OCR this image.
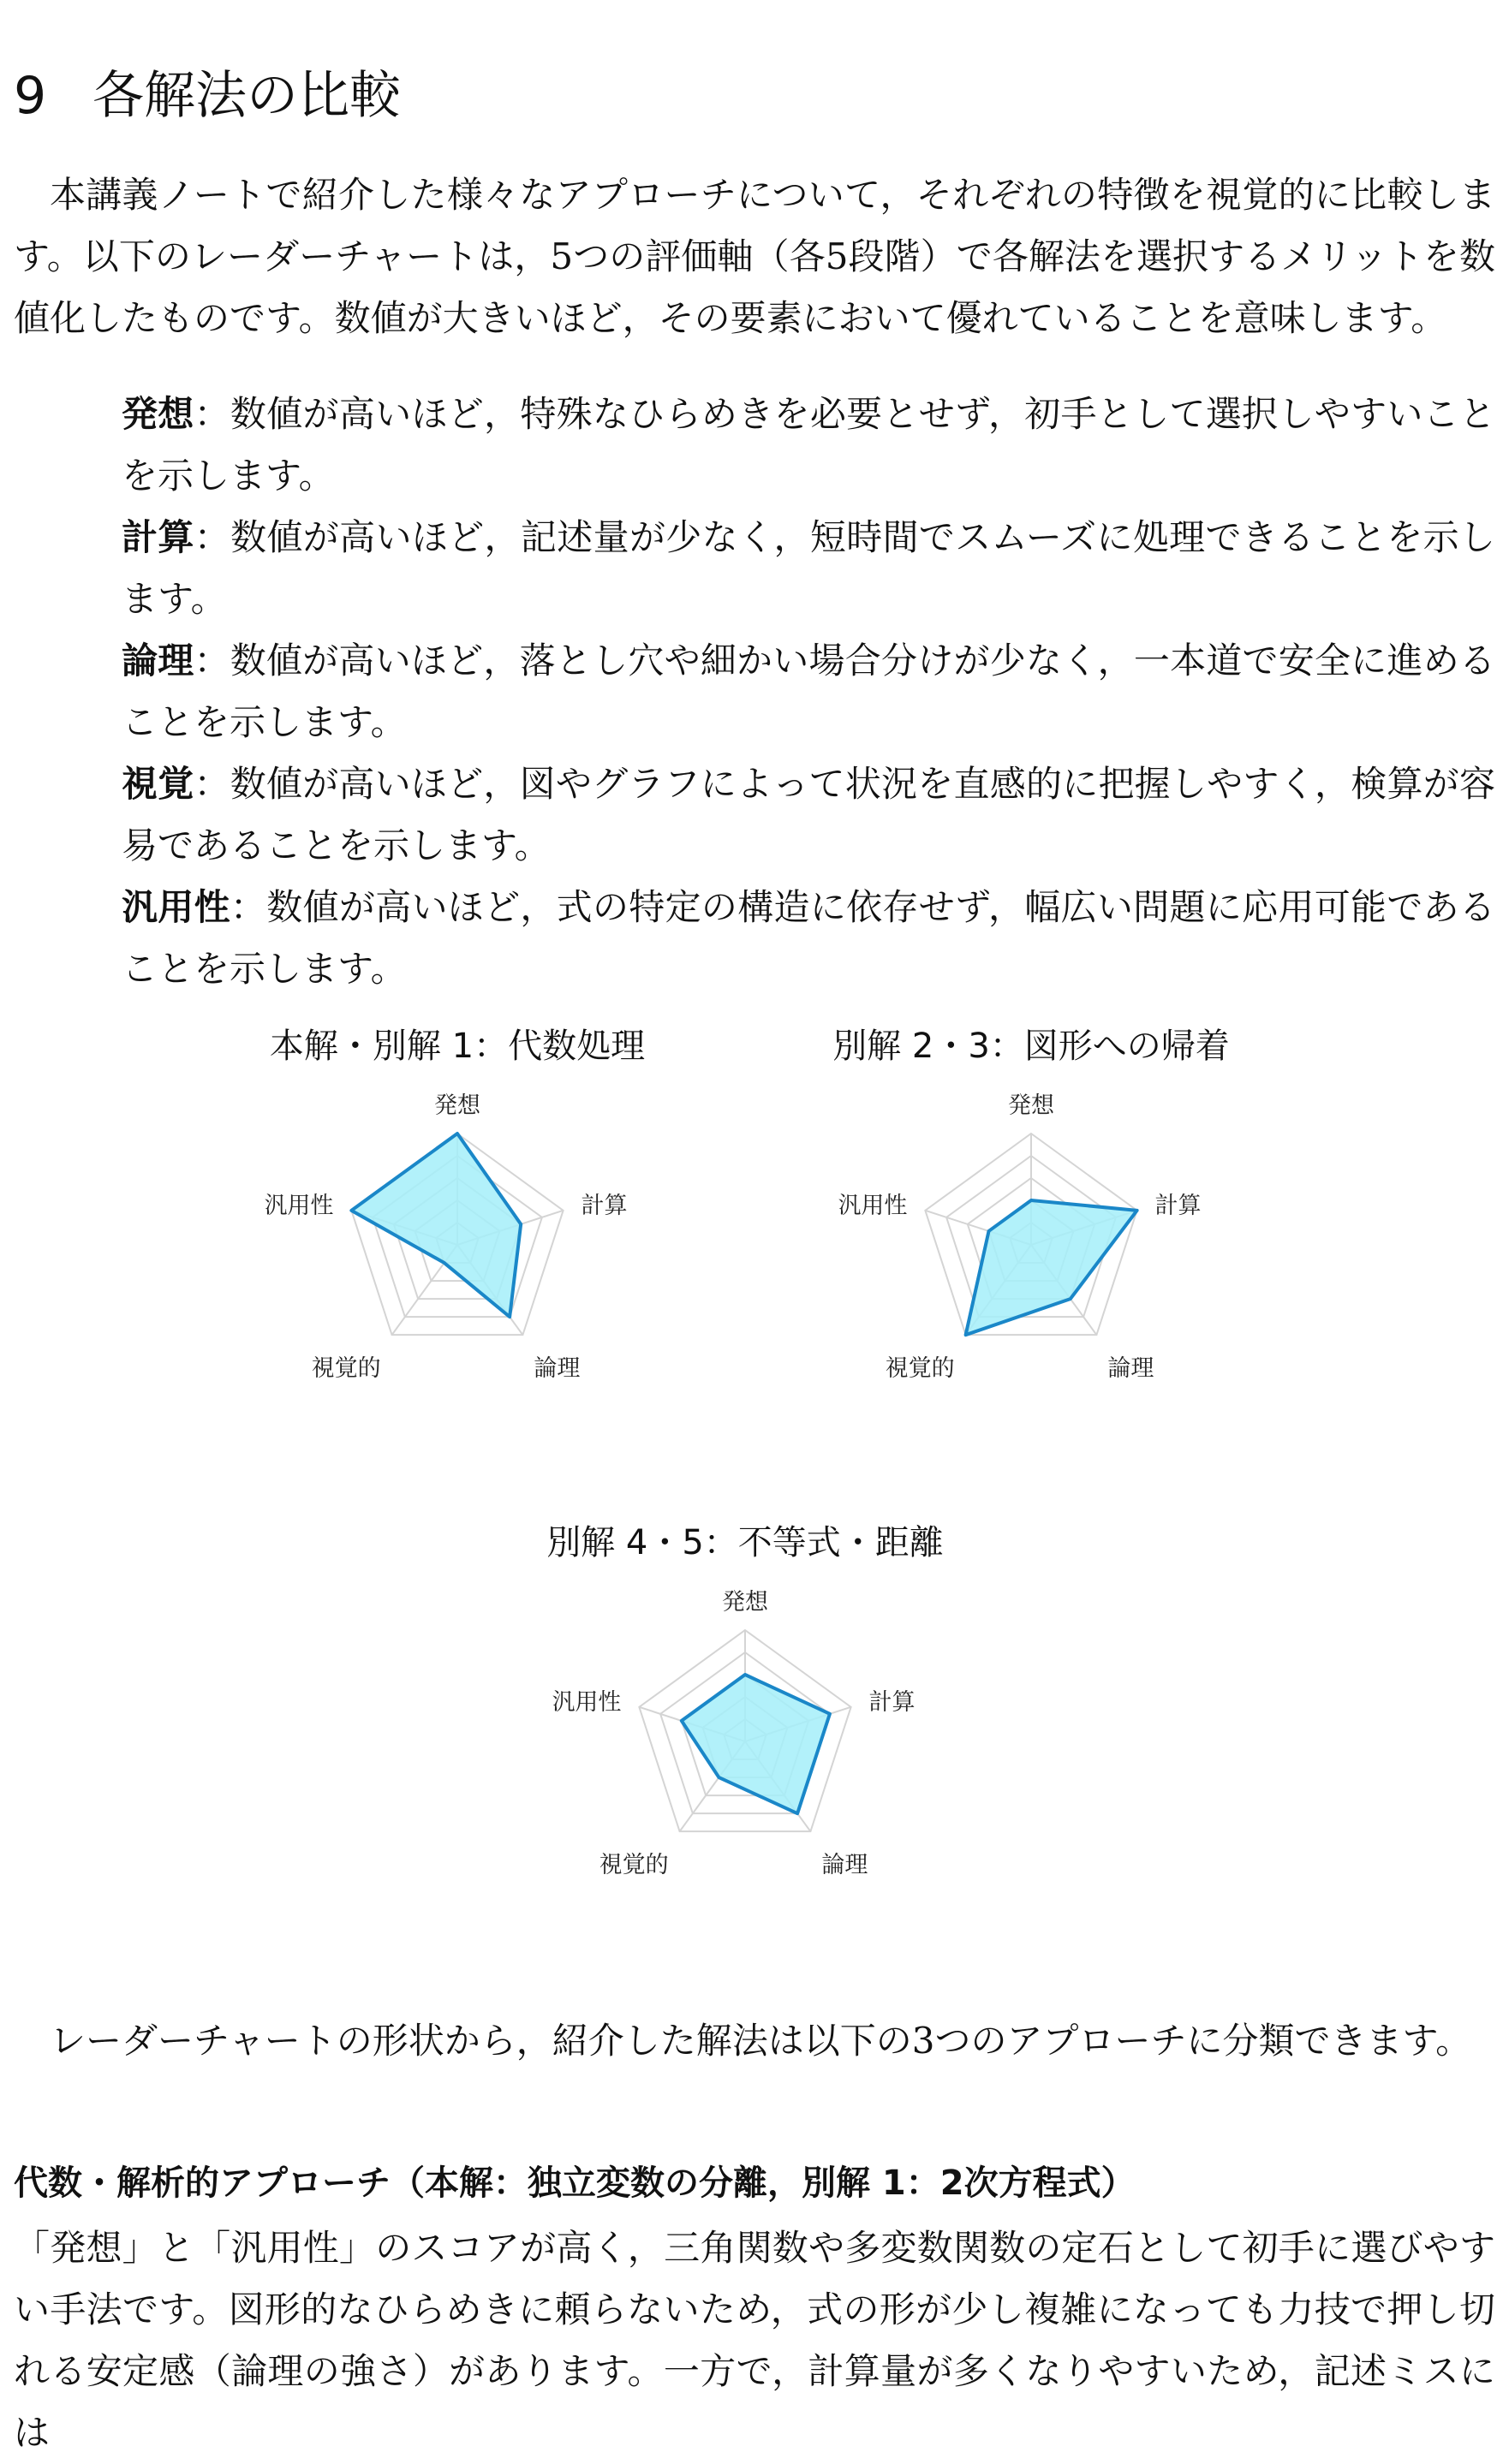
9 各解法の比較

本講義ノートで紹介した様々なアプローチについて，それぞれの特徴を視覚的に比較します。以下のレーダーチャートは，5つの評価軸（各5段階）で各解法を選択するメリットを数値化したものです。数値が大きいほど，その要素において優れていることを意味します。

発想：数値が高いほど，特殊なひらめきを必要とせず，初手として選択しやすいことを示します。

計算：数値が高いほど，記述量が少なく，短時間でスムーズに処理できることを示します。

論理：数値が高いほど，落とし穴や細かい場合分けが少なく，一本道で安全に進めることを示します。

視覚：数値が高いほど，図やグラフによって状況を直感的に把握しやすく，検算が容易であることを示します。

汎用性：数値が高いほど，式の特定の構造に依存せず，幅広い問題に応用可能であることを示します。

本解・別解 1：代数処理
発想
計算
論理
視覚的
汎用性
別解 2・3：図形への帰着
発想
計算
論理
視覚的
汎用性
別解 4・5：不等式・距離
発想
計算
論理
視覚的
汎用性

レーダーチャートの形状から，紹介した解法は以下の3つのアプローチに分類できます。

代数・解析的アプローチ（本解：独立変数の分離，別解 1：2次方程式）

「発想」と「汎用性」のスコアが高く，三角関数や多変数関数の定石として初手に選びやすい手法です。図形的なひらめきに頼らないため，式の形が少し複雑になっても力技で押し切れる安定感（論理の強さ）があります。一方で，計算量が多くなりやすいため，記述ミスには
